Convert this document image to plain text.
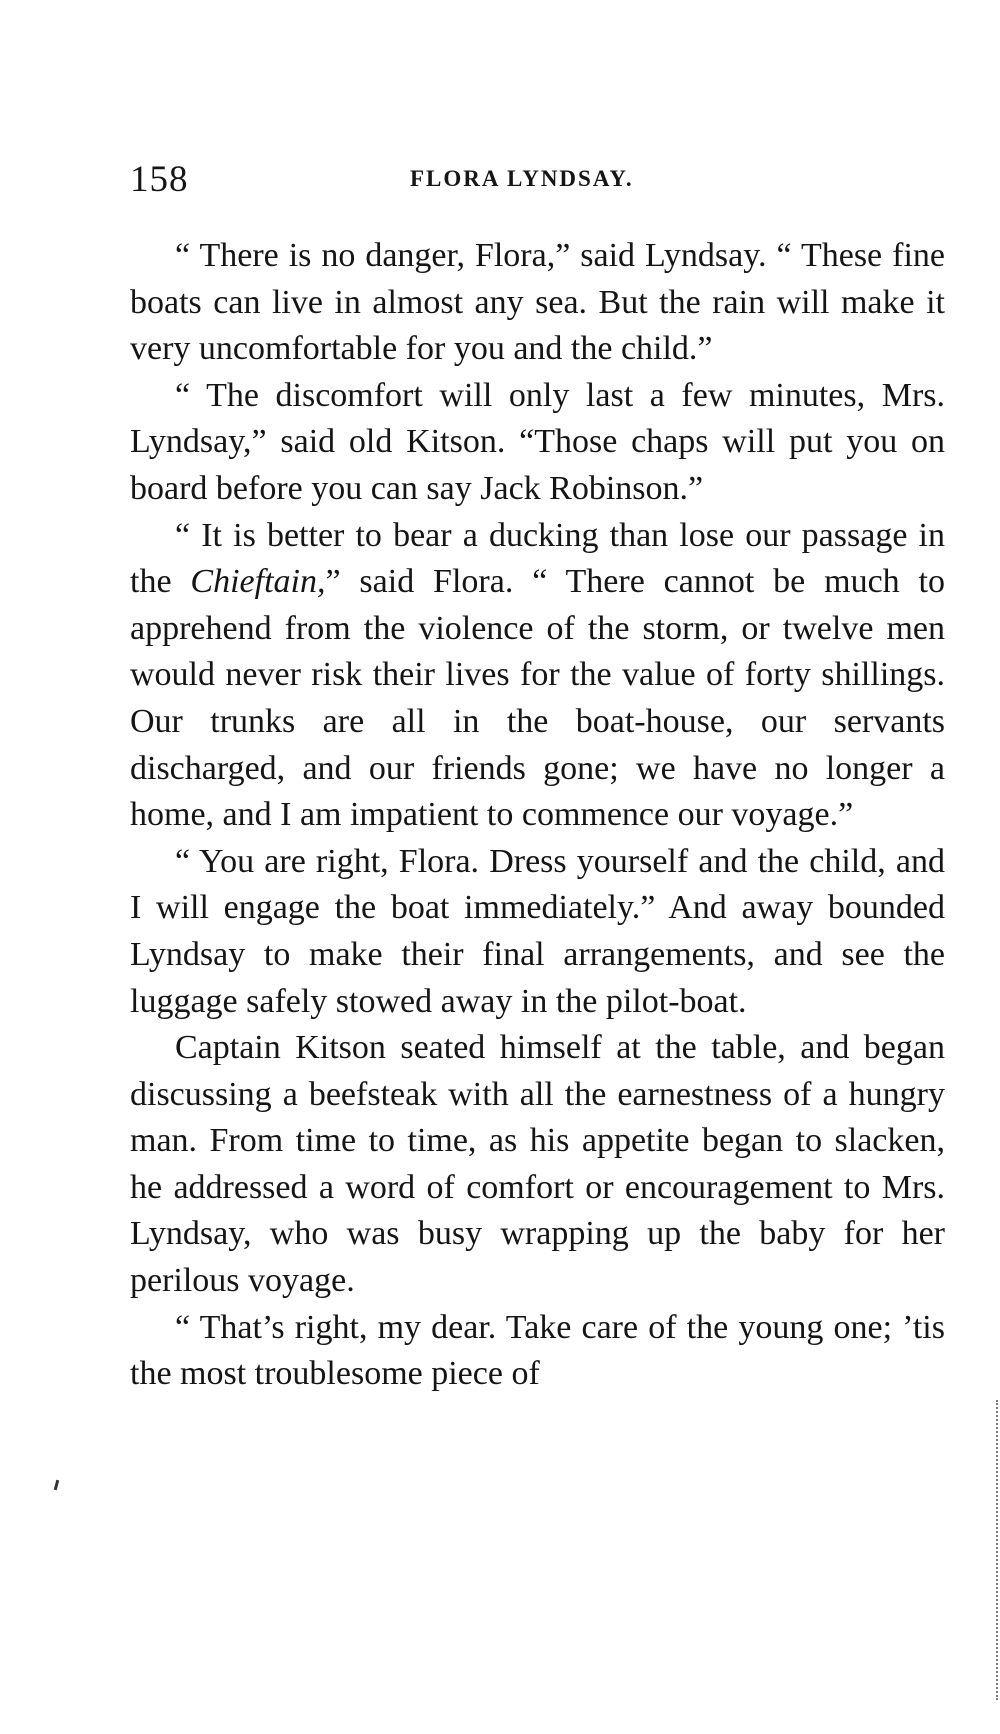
158	FLORA LYNDSAY.

“ There is no danger, Flora,” said Lyndsay. “ These fine boats can live in almost any sea. But the rain will make it very uncomfortable for you and the child.”

“ The discomfort will only last a few minutes, Mrs. Lyndsay,” said old Kitson. “Those chaps will put you on board before you can say Jack Robinson.”

“ It is better to bear a ducking than lose our passage in the Chieftain,” said Flora. “ There cannot be much to apprehend from the violence of the storm, or twelve men would never risk their lives for the value of forty shillings. Our trunks are all in the boat-house, our servants discharged, and our friends gone; we have no longer a home, and I am impatient to commence our voyage.”

“ You are right, Flora. Dress yourself and the child, and I will engage the boat immediately.” And away bounded Lyndsay to make their final arrangements, and see the luggage safely stowed away in the pilot-boat.

Captain Kitson seated himself at the table, and began discussing a beefsteak with all the earnestness of a hungry man. From time to time, as his appetite began to slacken, he addressed a word of comfort or encouragement to Mrs. Lyndsay, who was busy wrapping up the baby for her perilous voyage.

“ That’s right, my dear. Take care of the young one; ’tis the most troublesome piece of
